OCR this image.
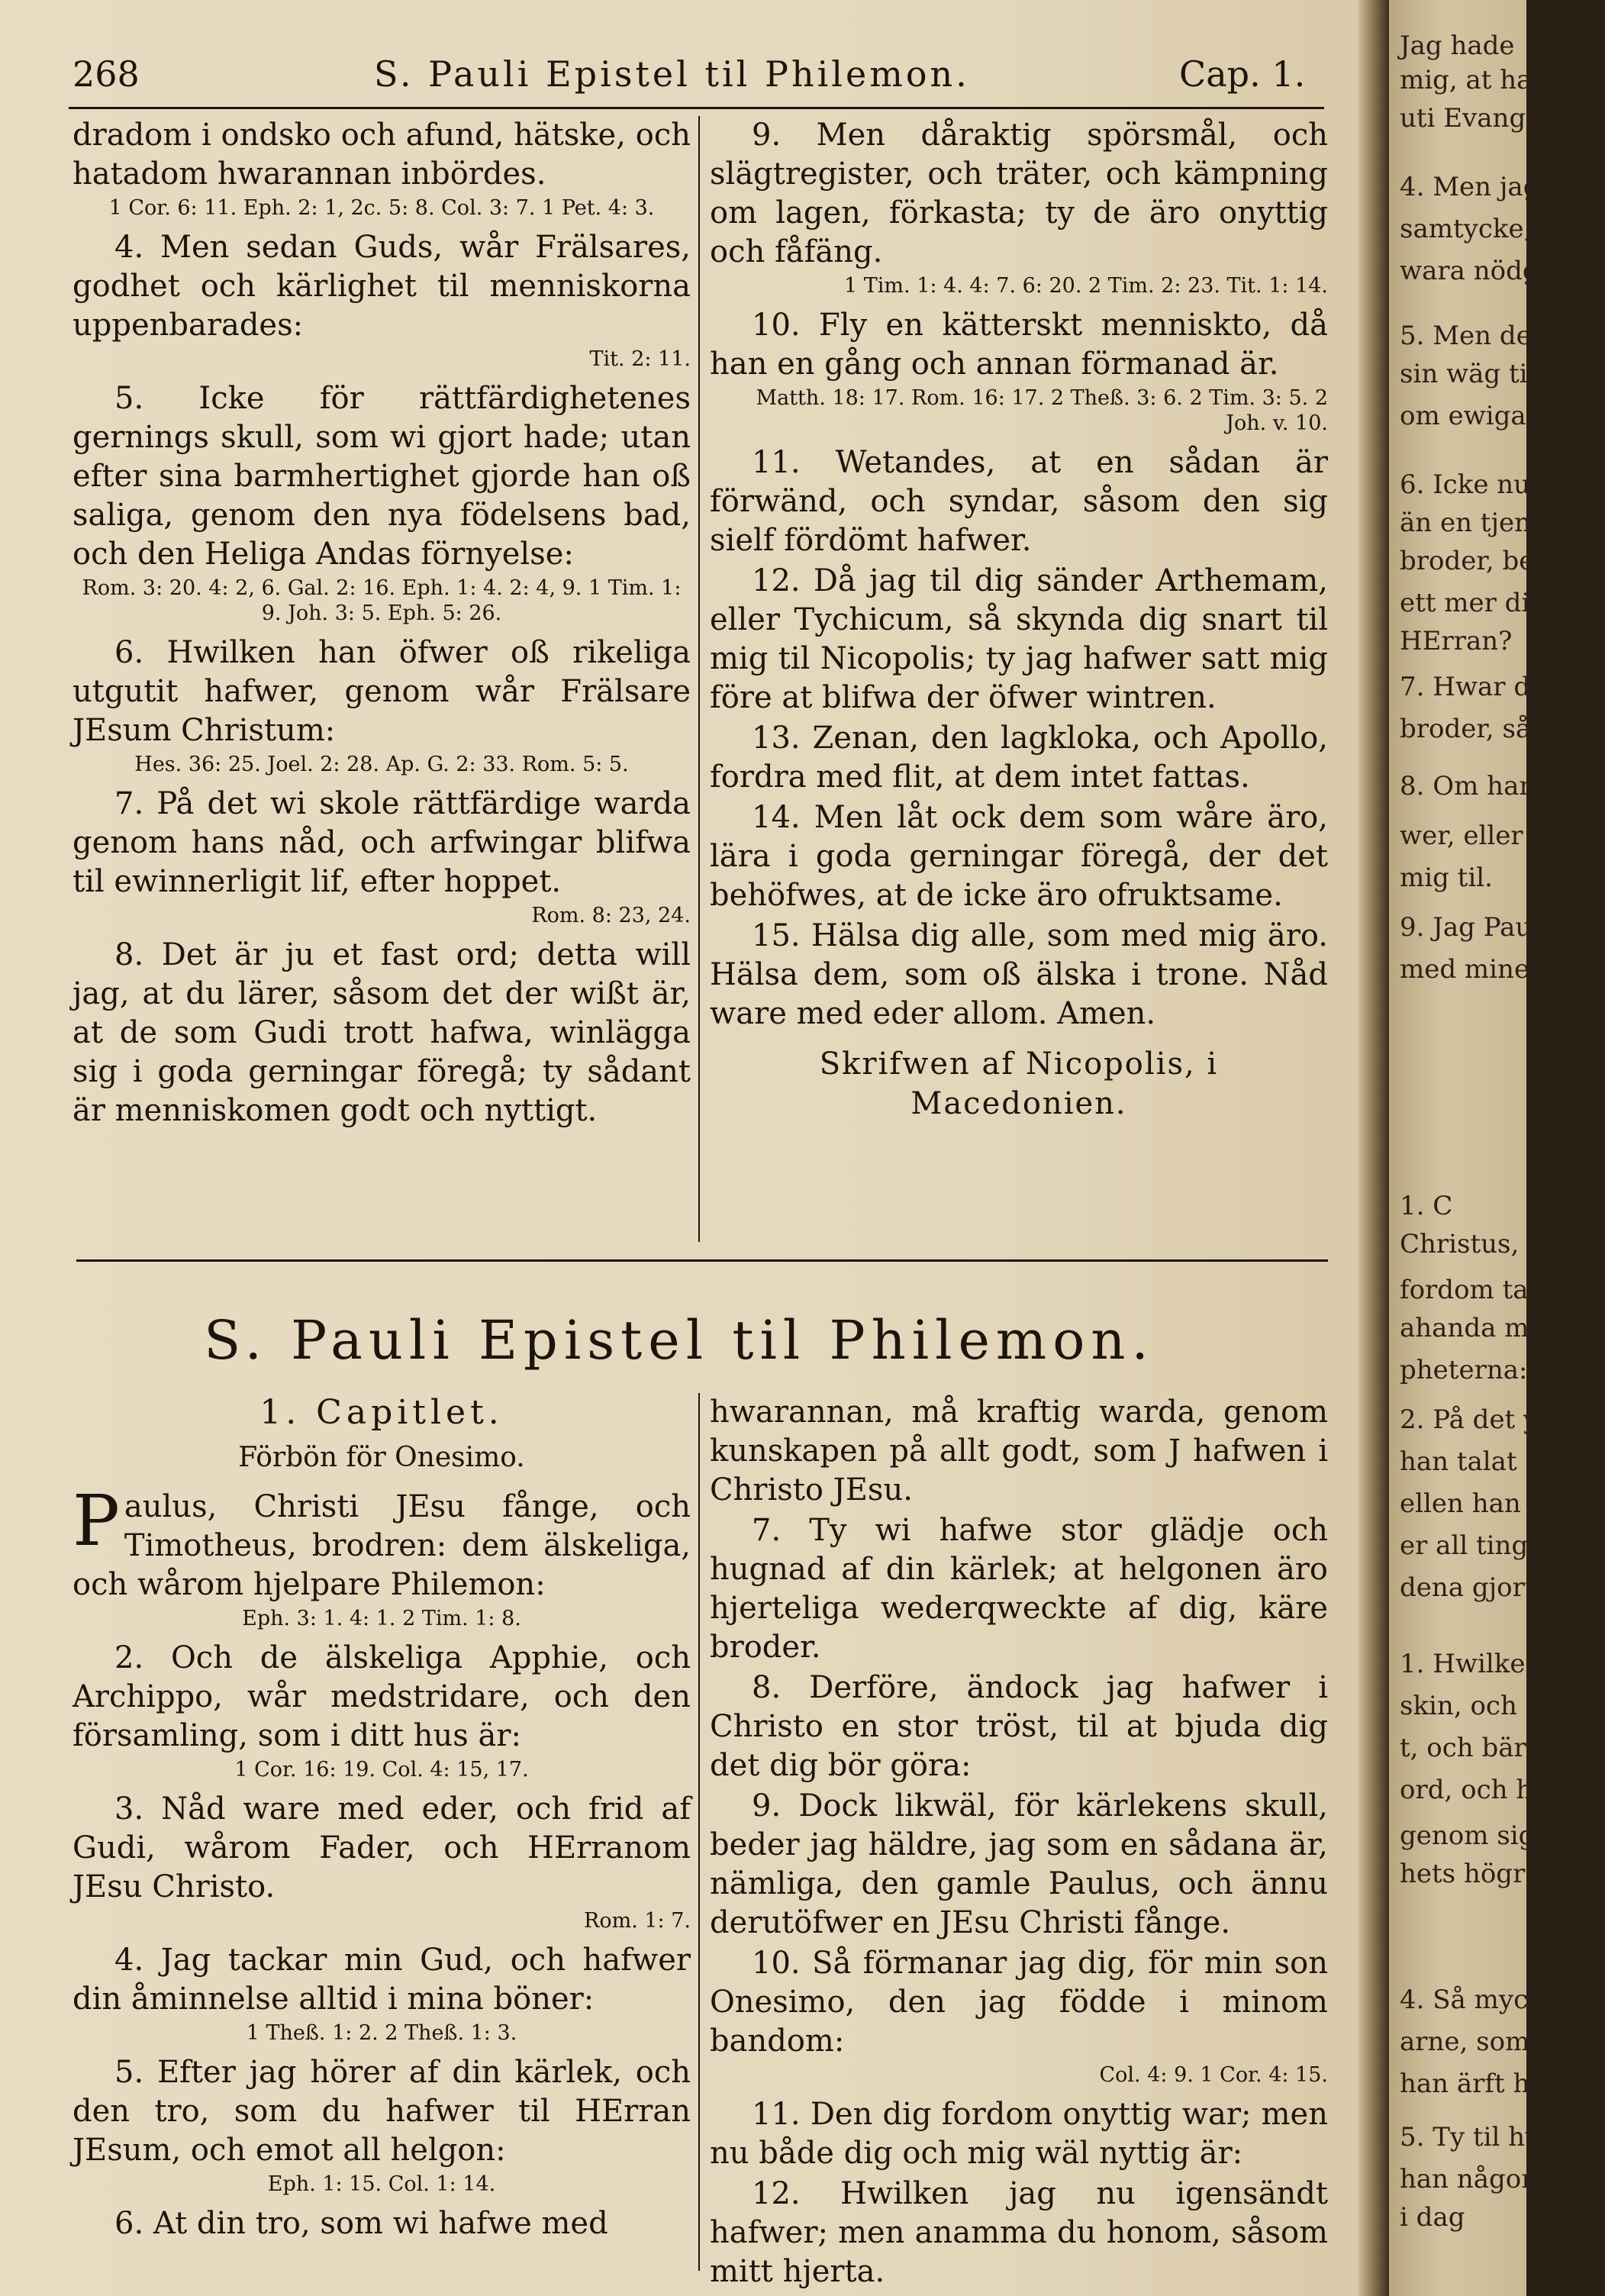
268	S. Pauli Epistel til Philemon.	Cap. 1.

dradom i ondsko och afund, hätske, och hatadom hwarannan inbördes.

1 Cor. 6: 11. Eph. 2: 1, 2c. 5: 8. Col. 3: 7. 1 Pet. 4: 3.

4. Men sedan Guds, wår Frälsares, godhet och kärlighet til menniskorna uppenbarades:

Tit. 2: 11.

5. Icke för rättfärdighetenes gernings skull, som wi gjort hade; utan efter sina barmhertighet gjorde han oß saliga, genom den nya födelsens bad, och den Heliga Andas förnyelse:

Rom. 3: 20. 4: 2, 6. Gal. 2: 16. Eph. 1: 4. 2: 4, 9. 1 Tim. 1: 9. Joh. 3: 5. Eph. 5: 26.

6. Hwilken han öfwer oß rikeliga utgutit hafwer, genom wår Frälsare JEsum Christum:

Hes. 36: 25. Joel. 2: 28. Ap. G. 2: 33. Rom. 5: 5.

7. På det wi skole rättfärdige warda genom hans nåd, och arfwingar blifwa til ewinnerligit lif, efter hoppet.

Rom. 8: 23, 24.

8. Det är ju et fast ord; detta will jag, at du lärer, såsom det der wißt är, at de som Gudi trott hafwa, winlägga sig i goda gerningar föregå; ty sådant är menniskomen godt och nyttigt.

9. Men dåraktig spörsmål, och slägtregister, och träter, och kämpning om lagen, förkasta; ty de äro onyttig och fåfäng.

1 Tim. 1: 4. 4: 7. 6: 20. 2 Tim. 2: 23. Tit. 1: 14.

10. Fly en kätterskt menniskto, då han en gång och annan förmanad är.

Matth. 18: 17. Rom. 16: 17. 2 Theß. 3: 6. 2 Tim. 3: 5. 2 Joh. v. 10.

11. Wetandes, at en sådan är förwänd, och syndar, såsom den sig sielf fördömt hafwer.

12. Då jag til dig sänder Arthemam, eller Tychicum, så skynda dig snart til mig til Nicopolis; ty jag hafwer satt mig före at blifwa der öfwer wintren.

13. Zenan, den lagkloka, och Apollo, fordra med flit, at dem intet fattas.

14. Men låt ock dem som wåre äro, lära i goda gerningar föregå, der det behöfwes, at de icke äro ofruktsame.

15. Hälsa dig alle, som med mig äro. Hälsa dem, som oß älska i trone. Nåd ware med eder allom. Amen.

Skrifwen af Nicopolis, i Macedonien.
S. Pauli Epistel til Philemon.
1. Capitlet.
Förbön för Onesimo.

Paulus, Christi JEsu fånge, och Timotheus, brodren: dem älskeliga, och wårom hjelpare Philemon:

Eph. 3: 1. 4: 1. 2 Tim. 1: 8.

2. Och de älskeliga Apphie, och Archippo, wår medstridare, och den församling, som i ditt hus är:

1 Cor. 16: 19. Col. 4: 15, 17.

3. Nåd ware med eder, och frid af Gudi, wårom Fader, och HErranom JEsu Christo.

Rom. 1: 7.

4. Jag tackar min Gud, och hafwer din åminnelse alltid i mina böner:

1 Theß. 1: 2. 2 Theß. 1: 3.

5. Efter jag hörer af din kärlek, och den tro, som du hafwer til HErran JEsum, och emot all helgon:

Eph. 1: 15. Col. 1: 14.

6. At din tro, som wi hafwe med

hwarannan, må kraftig warda, genom kunskapen på allt godt, som J hafwen i Christo JEsu.

7. Ty wi hafwe stor glädje och hugnad af din kärlek; at helgonen äro hjerteliga wederqweckte af dig, käre broder.

8. Derföre, ändock jag hafwer i Christo en stor tröst, til at bjuda dig det dig bör göra:

9. Dock likwäl, för kärlekens skull, beder jag häldre, jag som en sådana är, nämliga, den gamle Paulus, och ännu derutöfwer en JEsu Christi fånge.

10. Så förmanar jag dig, för min son Onesimo, den jag födde i minom bandom:

Col. 4: 9. 1 Cor. 4: 15.

11. Den dig fordom onyttig war; men nu både dig och mig wäl nyttig är:

12. Hwilken jag nu igensändt hafwer; men anamma du honom, såsom mitt hjerta.

Jag hade
mig, at han
uti Evangeli
4. Men jag
samtycke;
wara nödga
5. Men derf
sin wäg til
om ewigan ig
6. Icke nu
än en tjena
broder, be
ett mer dig,
HErran?
7. Hwar du
broder, så an
8. Om han
wer, eller någ
mig til.
9. Jag Paul
med mine ha
1. C
Christus, sanne
fordom talade
ahanda måt
pheterna:
2. På det ytt
han talat
ellen han satt
er all ting;
dena gjort ha
1. Hwilken,
skin, och
t, och bär
ord, och ha
genom sig
hets högra
4. Så myck
arne, som
han ärft haf
5. Ty til hw
han någon
i dag
